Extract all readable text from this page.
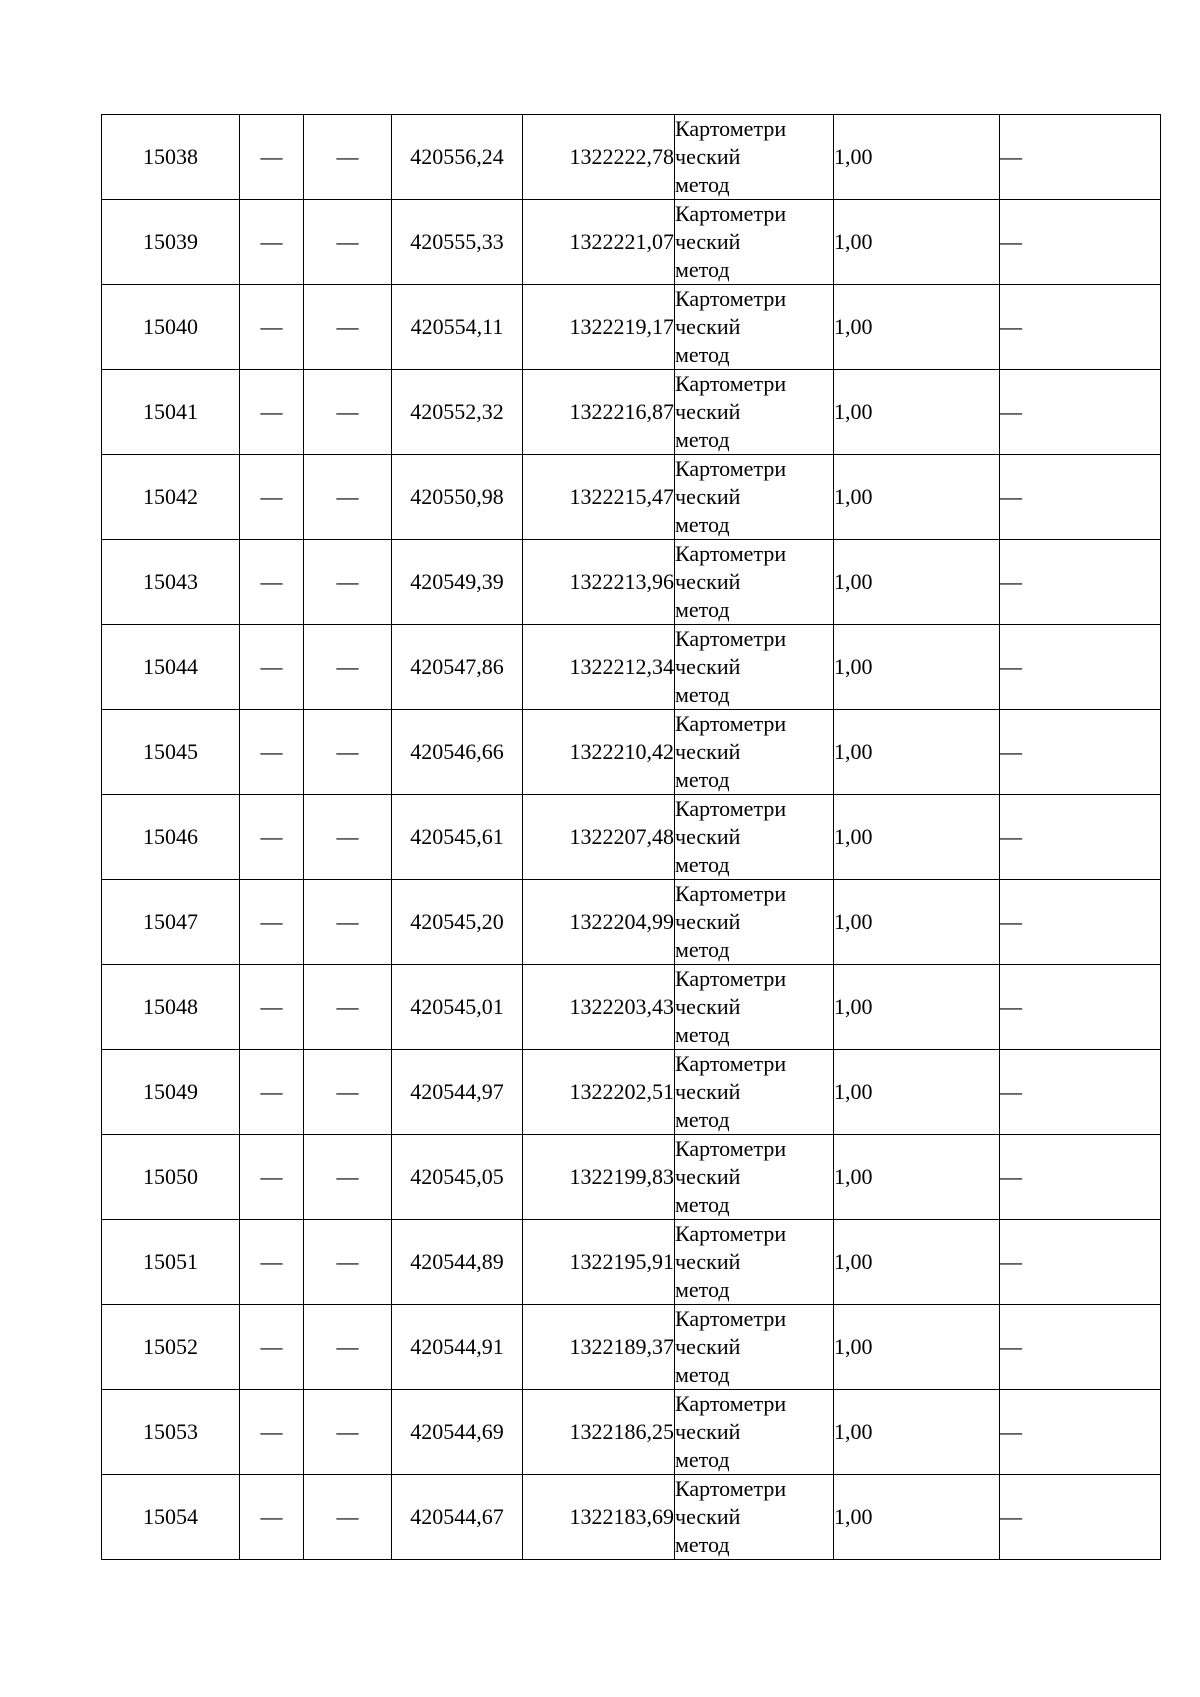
15038	—	—	420556,24	1322222,78	Картометри
ческий
метод	1,00	—
15039	—	—	420555,33	1322221,07	Картометри
ческий
метод	1,00	—
15040	—	—	420554,11	1322219,17	Картометри
ческий
метод	1,00	—
15041	—	—	420552,32	1322216,87	Картометри
ческий
метод	1,00	—
15042	—	—	420550,98	1322215,47	Картометри
ческий
метод	1,00	—
15043	—	—	420549,39	1322213,96	Картометри
ческий
метод	1,00	—
15044	—	—	420547,86	1322212,34	Картометри
ческий
метод	1,00	—
15045	—	—	420546,66	1322210,42	Картометри
ческий
метод	1,00	—
15046	—	—	420545,61	1322207,48	Картометри
ческий
метод	1,00	—
15047	—	—	420545,20	1322204,99	Картометри
ческий
метод	1,00	—
15048	—	—	420545,01	1322203,43	Картометри
ческий
метод	1,00	—
15049	—	—	420544,97	1322202,51	Картометри
ческий
метод	1,00	—
15050	—	—	420545,05	1322199,83	Картометри
ческий
метод	1,00	—
15051	—	—	420544,89	1322195,91	Картометри
ческий
метод	1,00	—
15052	—	—	420544,91	1322189,37	Картометри
ческий
метод	1,00	—
15053	—	—	420544,69	1322186,25	Картометри
ческий
метод	1,00	—
15054	—	—	420544,67	1322183,69	Картометри
ческий
метод	1,00	—
